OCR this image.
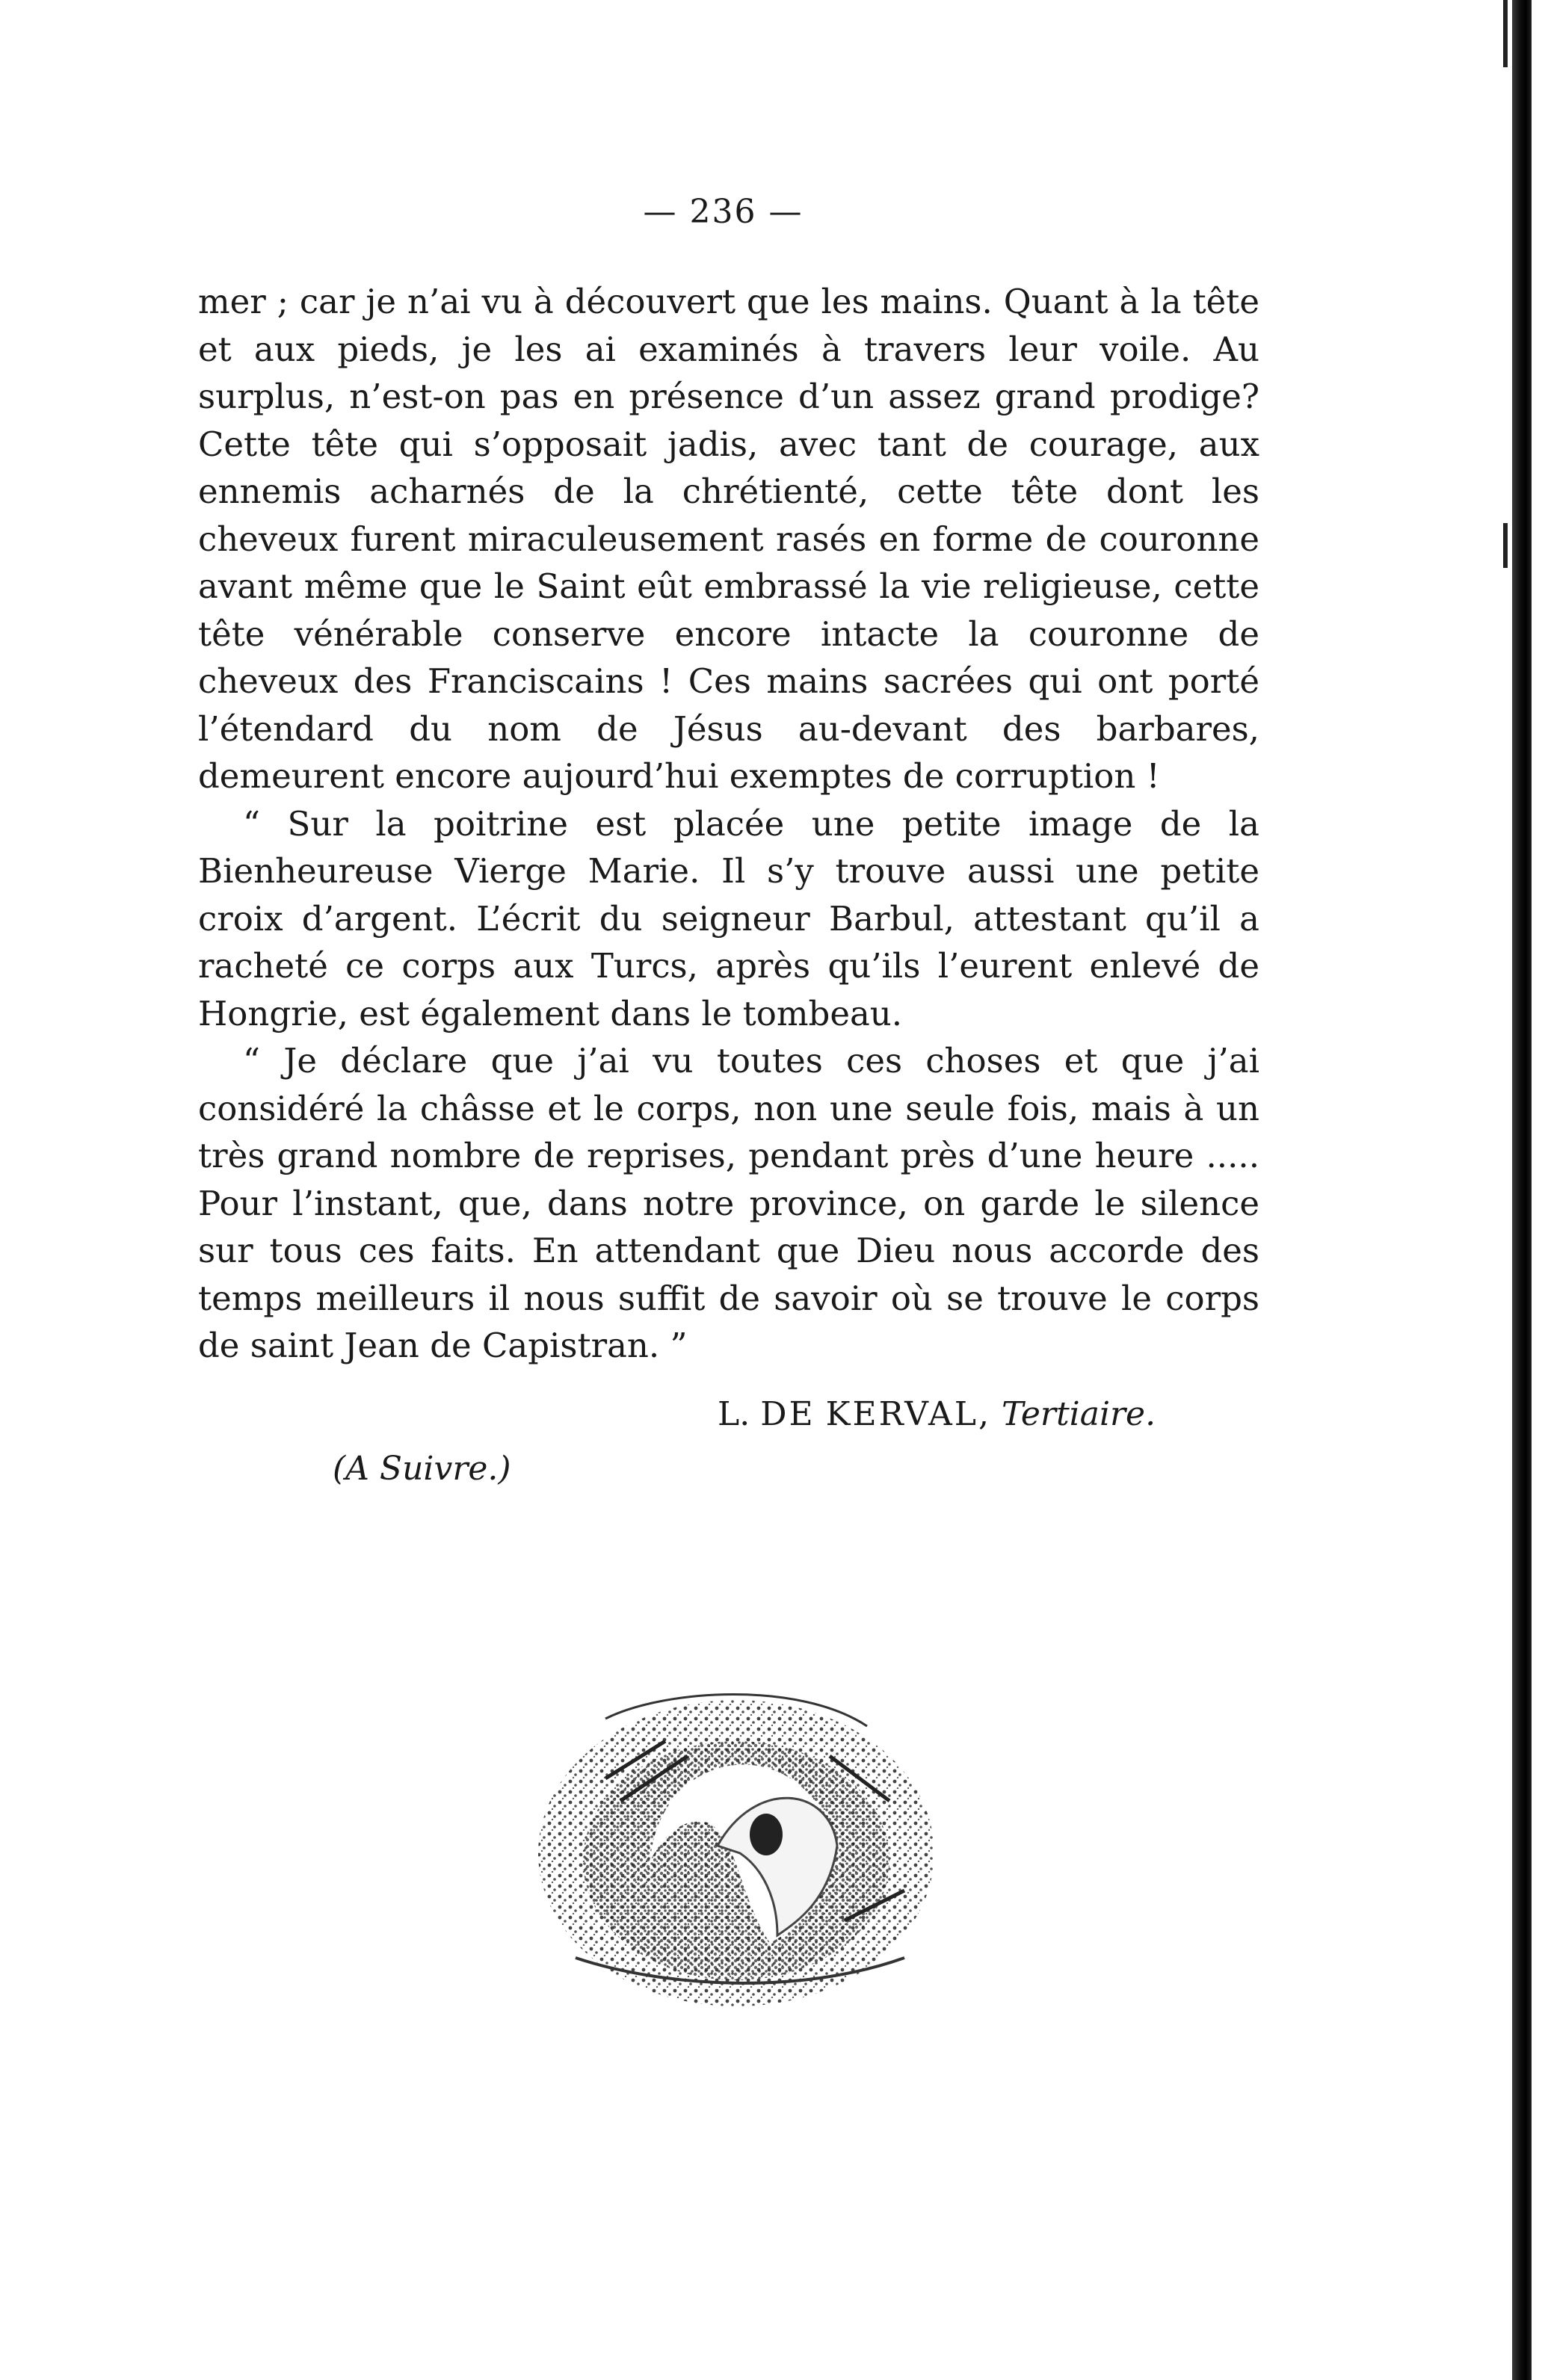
— 236 —

mer ; car je n’ai vu à découvert que les mains. Quant à la tête et aux pieds, je les ai examinés à travers leur voile. Au surplus, n’est-on pas en présence d’un assez grand prodige? Cette tête qui s’opposait jadis, avec tant de courage, aux ennemis acharnés de la chrétienté, cette tête dont les cheveux furent miraculeusement rasés en forme de couronne avant même que le Saint eût embrassé la vie religieuse, cette tête vénérable conserve encore intacte la couronne de cheveux des Franciscains ! Ces mains sacrées qui ont porté l’étendard du nom de Jésus au-devant des barbares, demeurent encore aujourd’hui exemptes de corruption !

“ Sur la poitrine est placée une petite image de la Bienheureuse Vierge Marie. Il s’y trouve aussi une petite croix d’argent. L’écrit du seigneur Barbul, attestant qu’il a racheté ce corps aux Turcs, après qu’ils l’eurent enlevé de Hongrie, est également dans le tombeau.

“ Je déclare que j’ai vu toutes ces choses et que j’ai considéré la châsse et le corps, non une seule fois, mais à un très grand nombre de reprises, pendant près d’une heure ..... Pour l’instant, que, dans notre province, on garde le silence sur tous ces faits. En attendant que Dieu nous accorde des temps meilleurs il nous suffit de savoir où se trouve le corps de saint Jean de Capistran. ”

L. DE KERVAL, Tertiaire.
(A Suivre.)
